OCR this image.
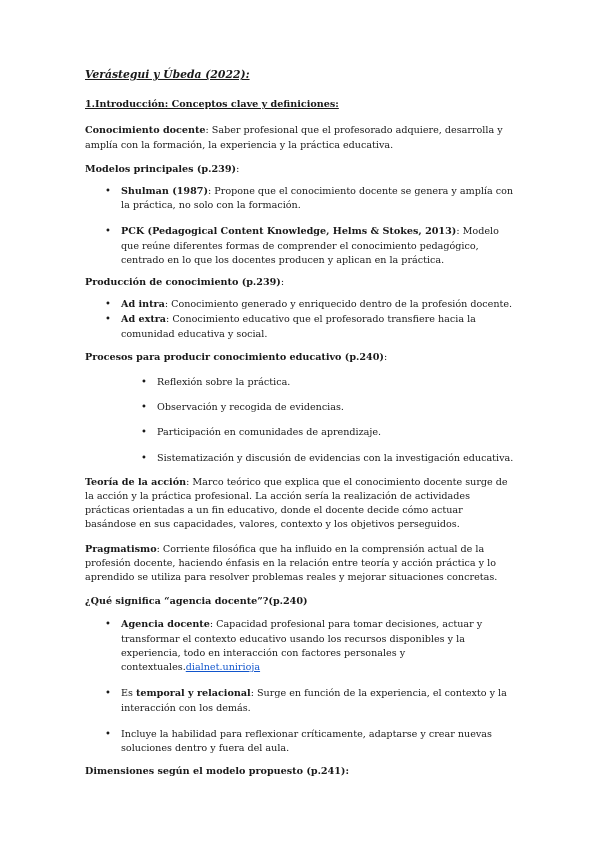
Verástegui y Úbeda (2022):

1.Introducción: Conceptos clave y definiciones:

Conocimiento docente: Saber profesional que el profesorado adquiere, desarrolla y amplía con la formación, la experiencia y la práctica educativa.

Modelos principales (p.239):

• Shulman (1987): Propone que el conocimiento docente se genera y amplía con la práctica, no solo con la formación.
• PCK (Pedagogical Content Knowledge, Helms & Stokes, 2013): Modelo que reúne diferentes formas de comprender el conocimiento pedagógico, centrado en lo que los docentes producen y aplican en la práctica.

Producción de conocimiento (p.239):

• Ad intra: Conocimiento generado y enriquecido dentro de la profesión docente.
• Ad extra: Conocimiento educativo que el profesorado transfiere hacia la comunidad educativa y social.

Procesos para producir conocimiento educativo (p.240):

• Reflexión sobre la práctica.
• Observación y recogida de evidencias.
• Participación en comunidades de aprendizaje.
• Sistematización y discusión de evidencias con la investigación educativa.

Teoría de la acción: Marco teórico que explica que el conocimiento docente surge de la acción y la práctica profesional. La acción sería la realización de actividades prácticas orientadas a un fin educativo, donde el docente decide cómo actuar basándose en sus capacidades, valores, contexto y los objetivos perseguidos.

Pragmatismo: Corriente filosófica que ha influido en la comprensión actual de la profesión docente, haciendo énfasis en la relación entre teoría y acción práctica y lo aprendido se utiliza para resolver problemas reales y mejorar situaciones concretas.

¿Qué significa “agencia docente”?(p.240)

• Agencia docente: Capacidad profesional para tomar decisiones, actuar y transformar el contexto educativo usando los recursos disponibles y la experiencia, todo en interacción con factores personales y contextuales.dialnet.unirioja
• Es temporal y relacional: Surge en función de la experiencia, el contexto y la interacción con los demás.
• Incluye la habilidad para reflexionar críticamente, adaptarse y crear nuevas soluciones dentro y fuera del aula.

Dimensiones según el modelo propuesto (p.241):
